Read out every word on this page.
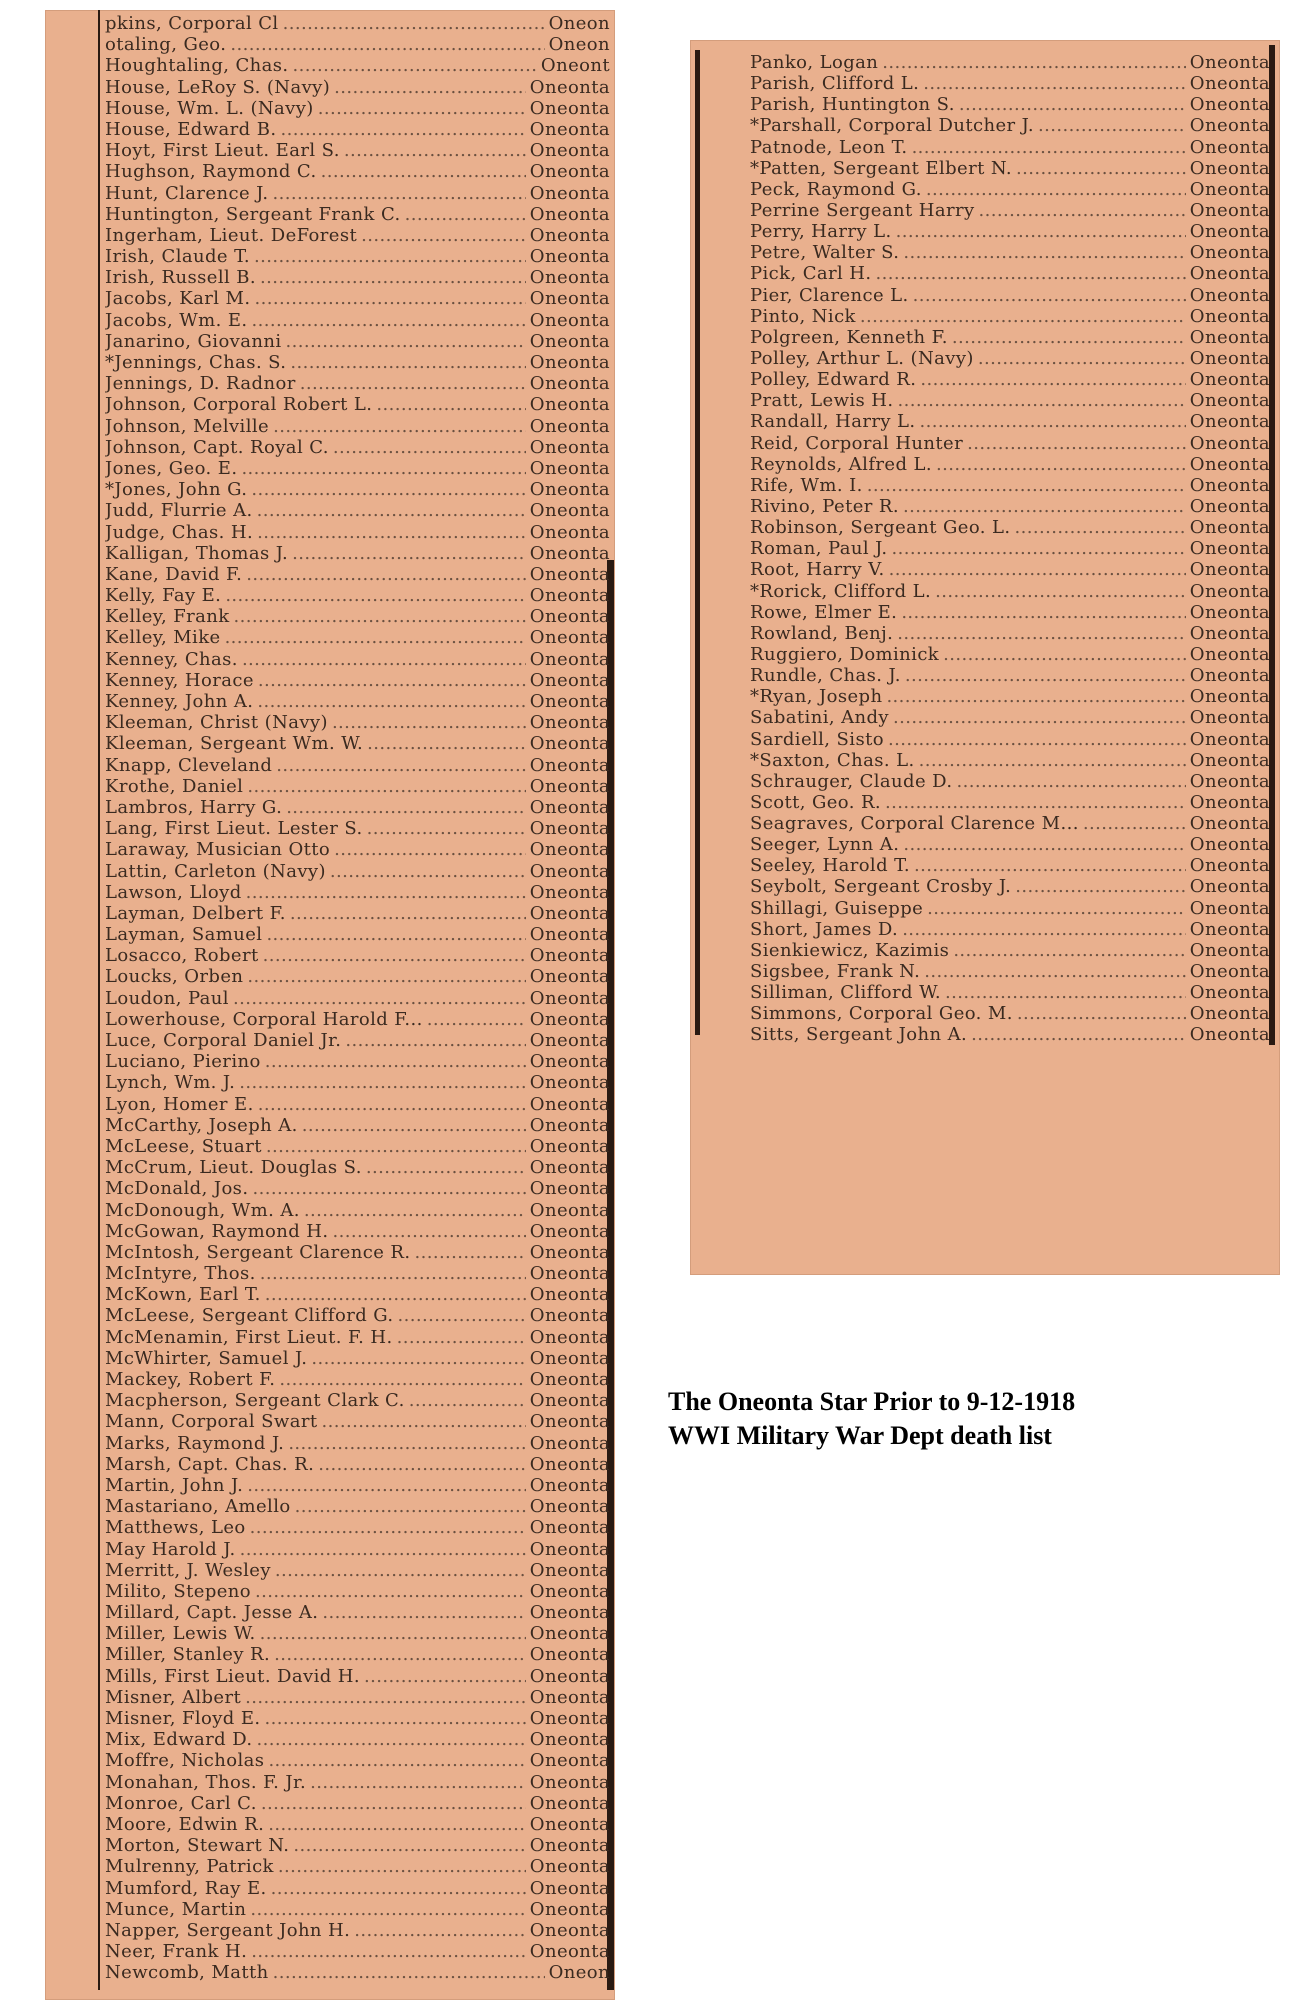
pkins, Corporal Cl .....	Oneon
otaling, Geo. .....	Oneon
Houghtaling, Chas. .....	Oneont
House, LeRoy S. (Navy) .....	Oneonta
House, Wm. L. (Navy) .....	Oneonta
House, Edward B. .....	Oneonta
Hoyt, First Lieut. Earl S. .....	Oneonta
Hughson, Raymond C. .....	Oneonta
Hunt, Clarence J. .....	Oneonta
Huntington, Sergeant Frank C. .....	Oneonta
Ingerham, Lieut. DeForest .....	Oneonta
Irish, Claude T. .....	Oneonta
Irish, Russell B. .....	Oneonta
Jacobs, Karl M. .....	Oneonta
Jacobs, Wm. E. .....	Oneonta
Janarino, Giovanni .....	Oneonta
*Jennings, Chas. S. .....	Oneonta
Jennings, D. Radnor .....	Oneonta
Johnson, Corporal Robert L. .....	Oneonta
Johnson, Melville .....	Oneonta
Johnson, Capt. Royal C. .....	Oneonta
Jones, Geo. E. .....	Oneonta
*Jones, John G. .....	Oneonta
Judd, Flurrie A. .....	Oneonta
Judge, Chas. H. .....	Oneonta
Kalligan, Thomas J. .....	Oneonta
Kane, David F. .....	Oneonta
Kelly, Fay E. .....	Oneonta
Kelley, Frank .....	Oneonta
Kelley, Mike .....	Oneonta
Kenney, Chas. .....	Oneonta
Kenney, Horace .....	Oneonta
Kenney, John A. .....	Oneonta
Kleeman, Christ (Navy) .....	Oneonta
Kleeman, Sergeant Wm. W. .....	Oneonta
Knapp, Cleveland .....	Oneonta
Krothe, Daniel .....	Oneonta
Lambros, Harry G. .....	Oneonta
Lang, First Lieut. Lester S. .....	Oneonta
Laraway, Musician Otto .....	Oneonta
Lattin, Carleton (Navy) .....	Oneonta
Lawson, Lloyd .....	Oneonta
Layman, Delbert F. .....	Oneonta
Layman, Samuel .....	Oneonta
Losacco, Robert .....	Oneonta
Loucks, Orben .....	Oneonta
Loudon, Paul .....	Oneonta
Lowerhouse, Corporal Harold F... .....	Oneonta
Luce, Corporal Daniel Jr. .....	Oneonta
Luciano, Pierino .....	Oneonta
Lynch, Wm. J. .....	Oneonta
Lyon, Homer E. .....	Oneonta
McCarthy, Joseph A. .....	Oneonta
McLeese, Stuart .....	Oneonta
McCrum, Lieut. Douglas S. .....	Oneonta
McDonald, Jos. .....	Oneonta
McDonough, Wm. A. .....	Oneonta
McGowan, Raymond H. .....	Oneonta
McIntosh, Sergeant Clarence R. .....	Oneonta
McIntyre, Thos. .....	Oneonta
McKown, Earl T. .....	Oneonta
McLeese, Sergeant Clifford G. .....	Oneonta
McMenamin, First Lieut. F. H. .....	Oneonta
McWhirter, Samuel J. .....	Oneonta
Mackey, Robert F. .....	Oneonta
Macpherson, Sergeant Clark C. .....	Oneonta
Mann, Corporal Swart .....	Oneonta
Marks, Raymond J. .....	Oneonta
Marsh, Capt. Chas. R. .....	Oneonta
Martin, John J. .....	Oneonta
Mastariano, Amello .....	Oneonta
Matthews, Leo .....	Oneonta
May Harold J. .....	Oneonta
Merritt, J. Wesley .....	Oneonta
Milito, Stepeno .....	Oneonta
Millard, Capt. Jesse A. .....	Oneonta
Miller, Lewis W. .....	Oneonta
Miller, Stanley R. .....	Oneonta
Mills, First Lieut. David H. .....	Oneonta
Misner, Albert .....	Oneonta
Misner, Floyd E. .....	Oneonta
Mix, Edward D. .....	Oneonta
Moffre, Nicholas .....	Oneonta
Monahan, Thos. F. Jr. .....	Oneonta
Monroe, Carl C. .....	Oneonta
Moore, Edwin R. .....	Oneonta
Morton, Stewart N. .....	Oneonta
Mulrenny, Patrick .....	Oneonta
Mumford, Ray E. .....	Oneonta
Munce, Martin .....	Oneonta
Napper, Sergeant John H. .....	Oneonta
Neer, Frank H. .....	Oneonta
Newcomb, Matth .....	Oneon
Panko, Logan .....	Oneonta
Parish, Clifford L. .....	Oneonta
Parish, Huntington S. .....	Oneonta
*Parshall, Corporal Dutcher J. .....	Oneonta
Patnode, Leon T. .....	Oneonta
*Patten, Sergeant Elbert N. .....	Oneonta
Peck, Raymond G. .....	Oneonta
Perrine Sergeant Harry .....	Oneonta
Perry, Harry L. .....	Oneonta
Petre, Walter S. .....	Oneonta
Pick, Carl H. .....	Oneonta
Pier, Clarence L. .....	Oneonta
Pinto, Nick .....	Oneonta
Polgreen, Kenneth F. .....	Oneonta
Polley, Arthur L. (Navy) .....	Oneonta
Polley, Edward R. .....	Oneonta
Pratt, Lewis H. .....	Oneonta
Randall, Harry L. .....	Oneonta
Reid, Corporal Hunter .....	Oneonta
Reynolds, Alfred L. .....	Oneonta
Rife, Wm. I. .....	Oneonta
Rivino, Peter R. .....	Oneonta
Robinson, Sergeant Geo. L. .....	Oneonta
Roman, Paul J. .....	Oneonta
Root, Harry V. .....	Oneonta
*Rorick, Clifford L. .....	Oneonta
Rowe, Elmer E. .....	Oneonta
Rowland, Benj. .....	Oneonta
Ruggiero, Dominick .....	Oneonta
Rundle, Chas. J. .....	Oneonta
*Ryan, Joseph .....	Oneonta
Sabatini, Andy .....	Oneonta
Sardiell, Sisto .....	Oneonta
*Saxton, Chas. L. .....	Oneonta
Schrauger, Claude D. .....	Oneonta
Scott, Geo. R. .....	Oneonta
Seagraves, Corporal Clarence M... .....	Oneonta
Seeger, Lynn A. .....	Oneonta
Seeley, Harold T. .....	Oneonta
Seybolt, Sergeant Crosby J. .....	Oneonta
Shillagi, Guiseppe .....	Oneonta
Short, James D. .....	Oneonta
Sienkiewicz, Kazimis .....	Oneonta
Sigsbee, Frank N. .....	Oneonta
Silliman, Clifford W. .....	Oneonta
Simmons, Corporal Geo. M. .....	Oneonta
Sitts, Sergeant John A. .....	Oneonta
The Oneonta Star Prior to 9-12-1918
WWI Military War Dept death list
